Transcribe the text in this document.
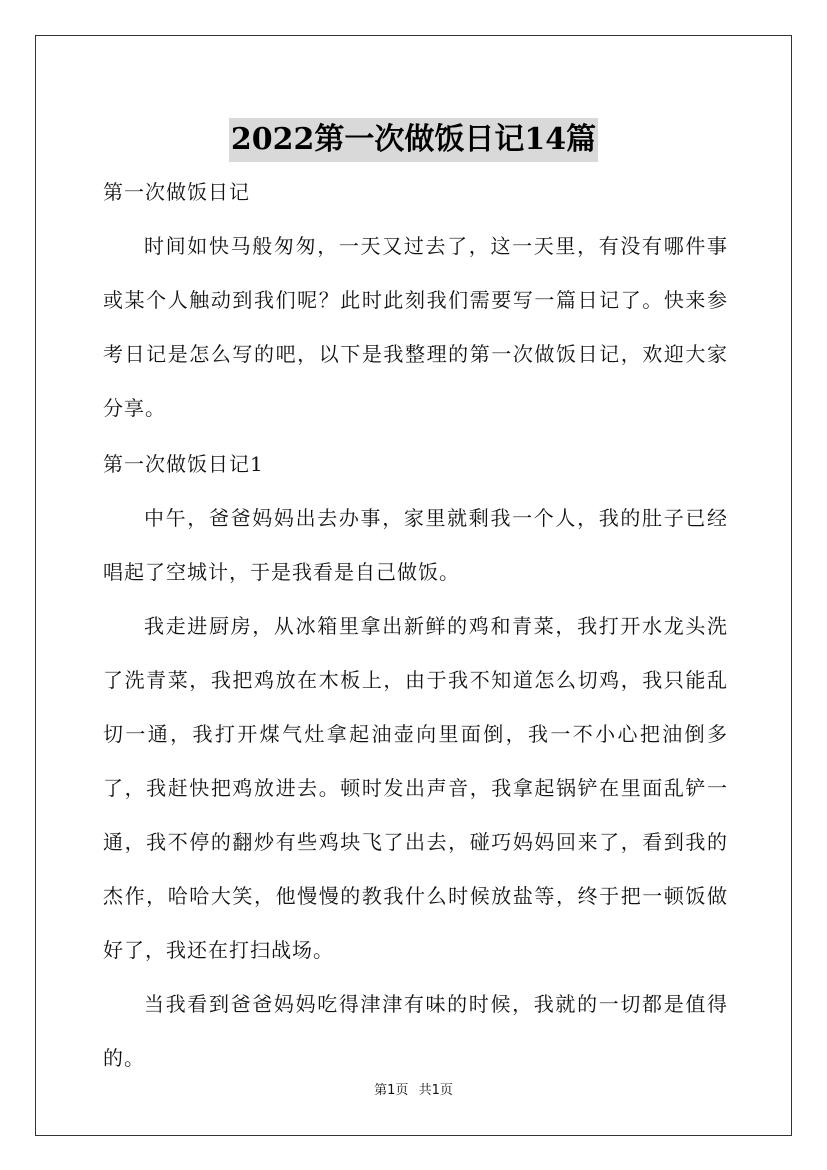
2022第一次做饭日记14篇

第一次做饭日记

时间如快马般匆匆，一天又过去了，这一天里，有没有哪件事或某个人触动到我们呢？此时此刻我们需要写一篇日记了。快来参考日记是怎么写的吧，以下是我整理的第一次做饭日记，欢迎大家分享。

第一次做饭日记1

中午，爸爸妈妈出去办事，家里就剩我一个人，我的肚子已经唱起了空城计，于是我看是自己做饭。

我走进厨房，从冰箱里拿出新鲜的鸡和青菜，我打开水龙头洗了洗青菜，我把鸡放在木板上，由于我不知道怎么切鸡，我只能乱切一通，我打开煤气灶拿起油壶向里面倒，我一不小心把油倒多了，我赶快把鸡放进去。顿时发出声音，我拿起锅铲在里面乱铲一通，我不停的翻炒有些鸡块飞了出去，碰巧妈妈回来了，看到我的杰作，哈哈大笑，他慢慢的教我什么时候放盐等，终于把一顿饭做好了，我还在打扫战场。

当我看到爸爸妈妈吃得津津有味的时候，我就的一切都是值得的。

第1页 共1页
